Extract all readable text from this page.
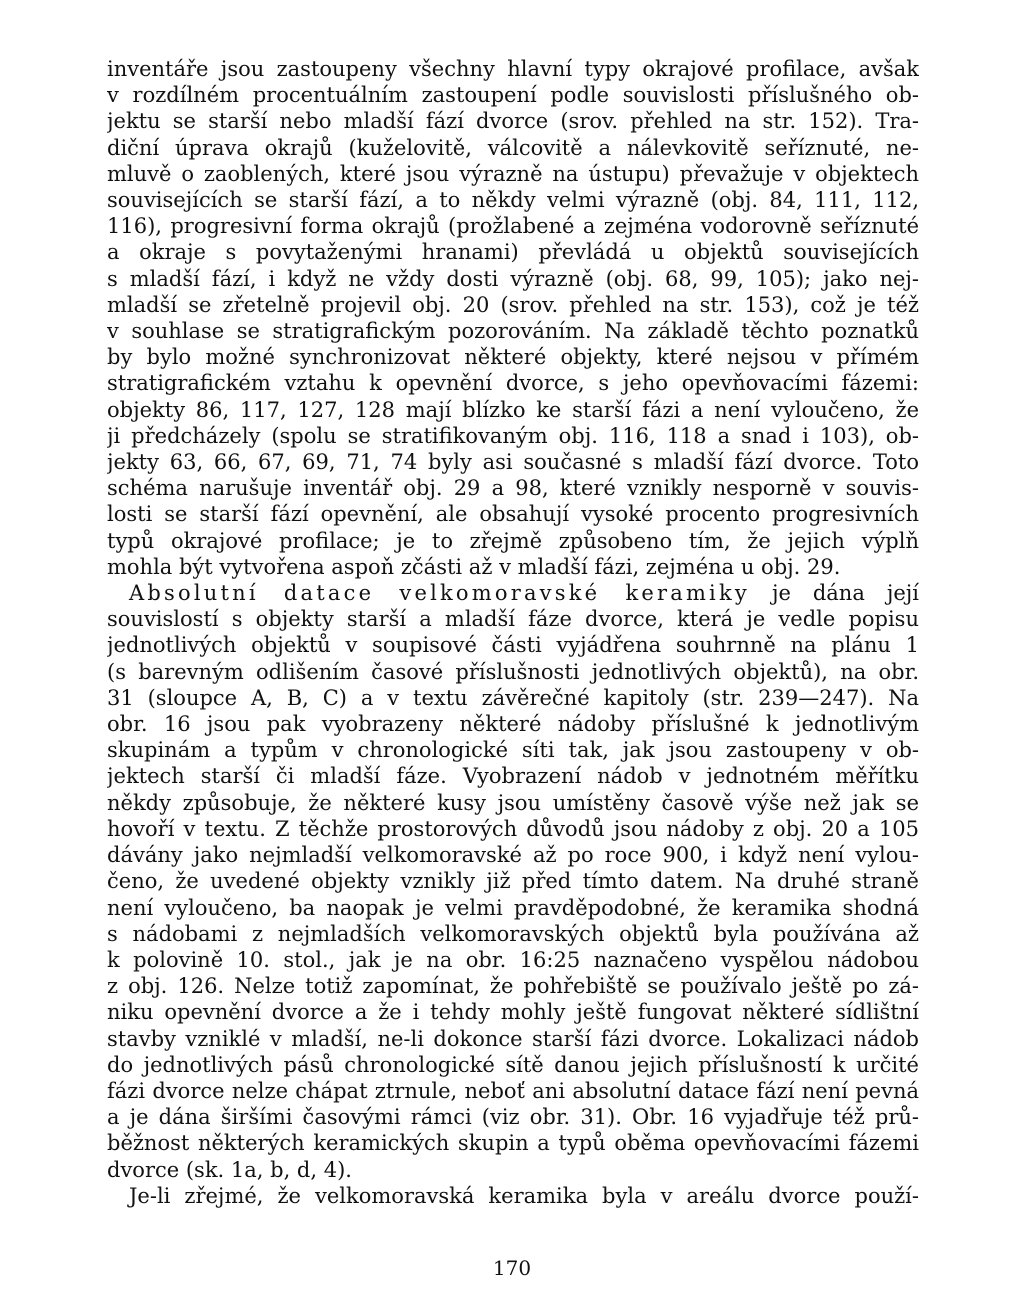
inventáře jsou zastoupeny všechny hlavní typy okrajové profilace, avšak
v rozdílném procentuálním zastoupení podle souvislosti příslušného ob-
jektu se starší nebo mladší fází dvorce (srov. přehled na str. 152). Tra-
diční úprava okrajů (kuželovitě, válcovitě a nálevkovitě seříznuté, ne-
mluvě o zaoblených, které jsou výrazně na ústupu) převažuje v objektech
souvisejících se starší fází, a to někdy velmi výrazně (obj. 84, 111, 112,
116), progresivní forma okrajů (prožlabené a zejména vodorovně seříznuté
a okraje s povytaženými hranami) převládá u objektů souvisejících
s mladší fází, i když ne vždy dosti výrazně (obj. 68, 99, 105); jako nej-
mladší se zřetelně projevil obj. 20 (srov. přehled na str. 153), což je též
v souhlase se stratigrafickým pozorováním. Na základě těchto poznatků
by bylo možné synchronizovat některé objekty, které nejsou v přímém
stratigrafickém vztahu k opevnění dvorce, s jeho opevňovacími fázemi:
objekty 86, 117, 127, 128 mají blízko ke starší fázi a není vyloučeno, že
ji předcházely (spolu se stratifikovaným obj. 116, 118 a snad i 103), ob-
jekty 63, 66, 67, 69, 71, 74 byly asi současné s mladší fází dvorce. Toto
schéma narušuje inventář obj. 29 a 98, které vznikly nesporně v souvis-
losti se starší fází opevnění, ale obsahují vysoké procento progresivních
typů okrajové profilace; je to zřejmě způsobeno tím, že jejich výplň
mohla být vytvořena aspoň zčásti až v mladší fázi, zejména u obj. 29.
Absolutní datace velkomoravské keramiky je dána její
souvislostí s objekty starší a mladší fáze dvorce, která je vedle popisu
jednotlivých objektů v soupisové části vyjádřena souhrnně na plánu 1
(s barevným odlišením časové příslušnosti jednotlivých objektů), na obr.
31 (sloupce A, B, C) a v textu závěrečné kapitoly (str. 239—247). Na
obr. 16 jsou pak vyobrazeny některé nádoby příslušné k jednotlivým
skupinám a typům v chronologické síti tak, jak jsou zastoupeny v ob-
jektech starší či mladší fáze. Vyobrazení nádob v jednotném měřítku
někdy způsobuje, že některé kusy jsou umístěny časově výše než jak se
hovoří v textu. Z těchže prostorových důvodů jsou nádoby z obj. 20 a 105
dávány jako nejmladší velkomoravské až po roce 900, i když není vylou-
čeno, že uvedené objekty vznikly již před tímto datem. Na druhé straně
není vyloučeno, ba naopak je velmi pravděpodobné, že keramika shodná
s nádobami z nejmladších velkomoravských objektů byla používána až
k polovině 10. stol., jak je na obr. 16:25 naznačeno vyspělou nádobou
z obj. 126. Nelze totiž zapomínat, že pohřebiště se používalo ještě po zá-
niku opevnění dvorce a že i tehdy mohly ještě fungovat některé sídlištní
stavby vzniklé v mladší, ne-li dokonce starší fázi dvorce. Lokalizaci nádob
do jednotlivých pásů chronologické sítě danou jejich příslušností k určité
fázi dvorce nelze chápat ztrnule, neboť ani absolutní datace fází není pevná
a je dána širšími časovými rámci (viz obr. 31). Obr. 16 vyjadřuje též prů-
běžnost některých keramických skupin a typů oběma opevňovacími fázemi
dvorce (sk. 1a, b, d, 4).
Je-li zřejmé, že velkomoravská keramika byla v areálu dvorce použí-
170
